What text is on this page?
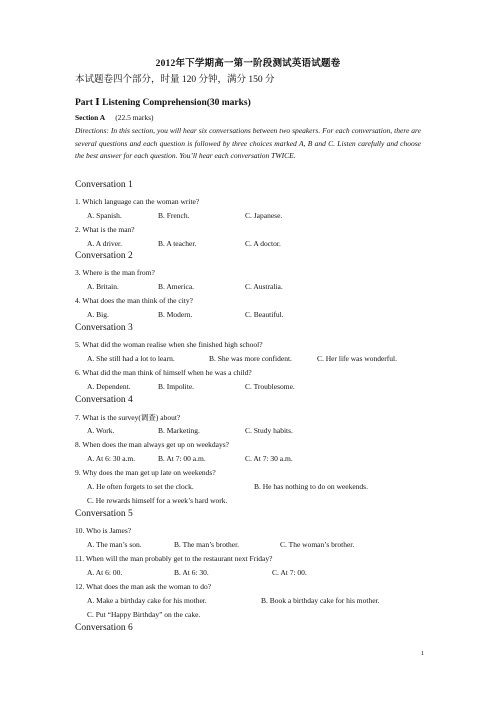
2012年下学期高一第一阶段测试英语试题卷
本试题卷四个部分，时量 120 分钟，满分 150 分
Part Ⅰ Listening Comprehension(30 marks)
Section A (22.5 marks)
Directions: In this section, you will hear six conversations between two speakers. For each conversation, there are several questions and each question is followed by three choices marked A, B and C. Listen carefully and choose the best answer for each question. You’ll hear each conversation TWICE.
Conversation 1
1. Which language can the woman write?
A. Spanish.	B. French.	C. Japanese.
2. What is the man?
A. A driver.	B. A teacher.	C. A doctor.
Conversation 2
3. Where is the man from?
A. Britain.	B. America.	C. Australia.
4. What does the man think of the city?
A. Big.	B. Modern.	C. Beautiful.
Conversation 3
5. What did the woman realise when she finished high school?
A. She still had a lot to learn.	B. She was more confident.	C. Her life was wonderful.
6. What did the man think of himself when he was a child?
A. Dependent.	B. Impolite.	C. Troublesome.
Conversation 4
7. What is the survey(调查) about?
A. Work.	B. Marketing.	C. Study habits.
8. When does the man always get up on weekdays?
A. At 6: 30 a.m.	B. At 7: 00 a.m.	C. At 7: 30 a.m.
9. Why does the man get up late on weekends?
A. He often forgets to set the clock.	B. He has nothing to do on weekends.
C. He rewards himself for a week’s hard work.
Conversation 5
10. Who is James?
A. The man’s son.	B. The man’s brother.	C. The woman’s brother.
11. When will the man probably get to the restaurant next Friday?
A. At 6: 00.	B. At 6: 30.	C. At 7: 00.
12. What does the man ask the woman to do?
A. Make a birthday cake for his mother.	B. Book a birthday cake for his mother.
C. Put “Happy Birthday” on the cake.
Conversation 6
1
